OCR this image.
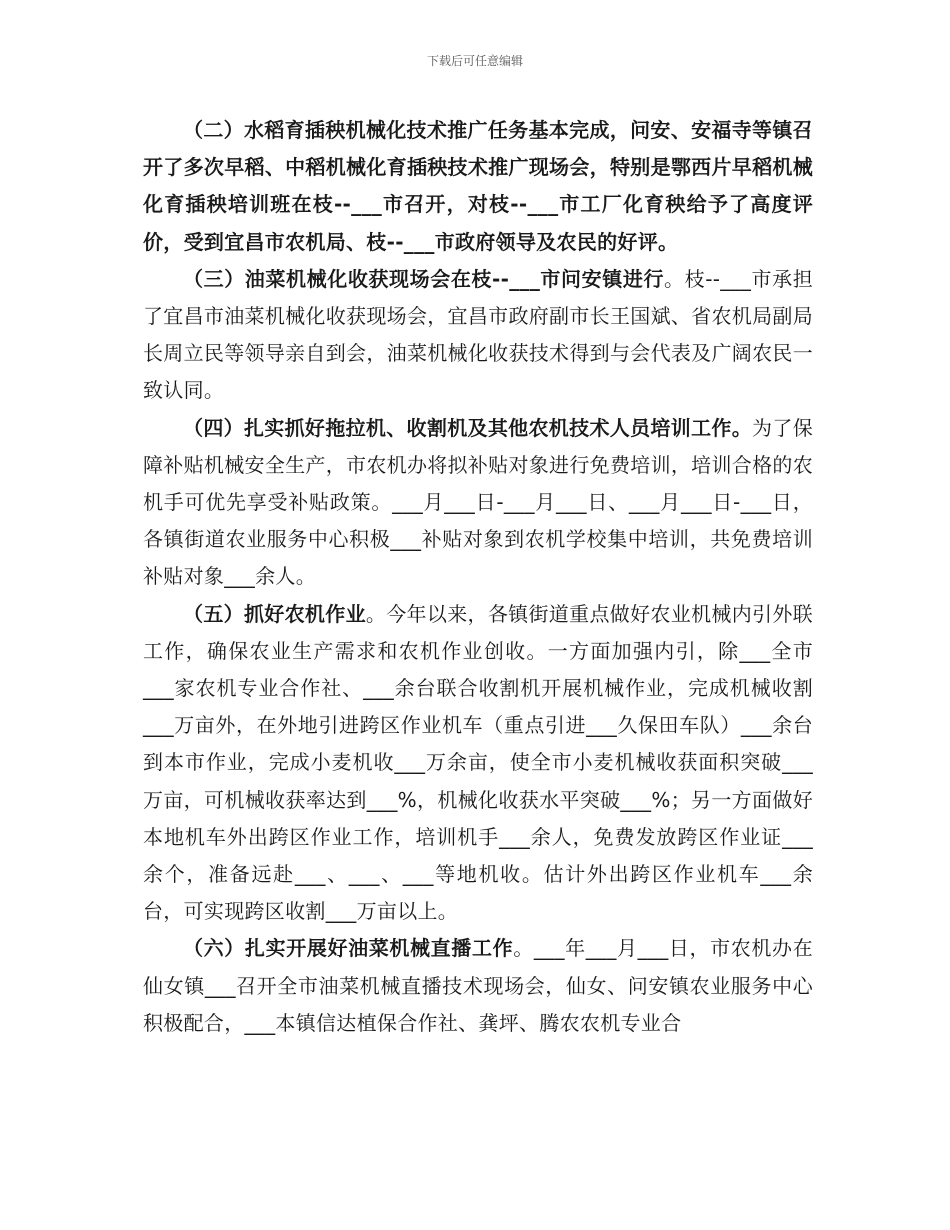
下载后可任意编辑

（二）水稻育插秧机械化技术推广任务基本完成，问安、安福寺等镇召开了多次早稻、中稻机械化育插秧技术推广现场会，特别是鄂西片早稻机械化育插秧培训班在枝--___市召开，对枝--___市工厂化育秧给予了高度评价，受到宜昌市农机局、枝--___市政府领导及农民的好评。

（三）油菜机械化收获现场会在枝--___市问安镇进行。枝--___市承担了宜昌市油菜机械化收获现场会，宜昌市政府副市长王国斌、省农机局副局长周立民等领导亲自到会，油菜机械化收获技术得到与会代表及广阔农民一致认同。

（四）扎实抓好拖拉机、收割机及其他农机技术人员培训工作。为了保障补贴机械安全生产，市农机办将拟补贴对象进行免费培训，培训合格的农机手可优先享受补贴政策。___月___日-___月___日、___月___日-___日，各镇街道农业服务中心积极___补贴对象到农机学校集中培训，共免费培训补贴对象___余人。

（五）抓好农机作业。今年以来，各镇街道重点做好农业机械内引外联工作，确保农业生产需求和农机作业创收。一方面加强内引，除___全市___家农机专业合作社、___余台联合收割机开展机械作业，完成机械收割___万亩外，在外地引进跨区作业机车（重点引进___久保田车队）___余台到本市作业，完成小麦机收___万余亩，使全市小麦机械收获面积突破___万亩，可机械收获率达到___%，机械化收获水平突破___%；另一方面做好本地机车外出跨区作业工作，培训机手___余人，免费发放跨区作业证___余个，准备远赴___、___、___等地机收。估计外出跨区作业机车___余台，可实现跨区收割___万亩以上。

（六）扎实开展好油菜机械直播工作。___年___月___日，市农机办在仙女镇___召开全市油菜机械直播技术现场会，仙女、问安镇农业服务中心积极配合，___本镇信达植保合作社、龚坪、腾农农机专业合
